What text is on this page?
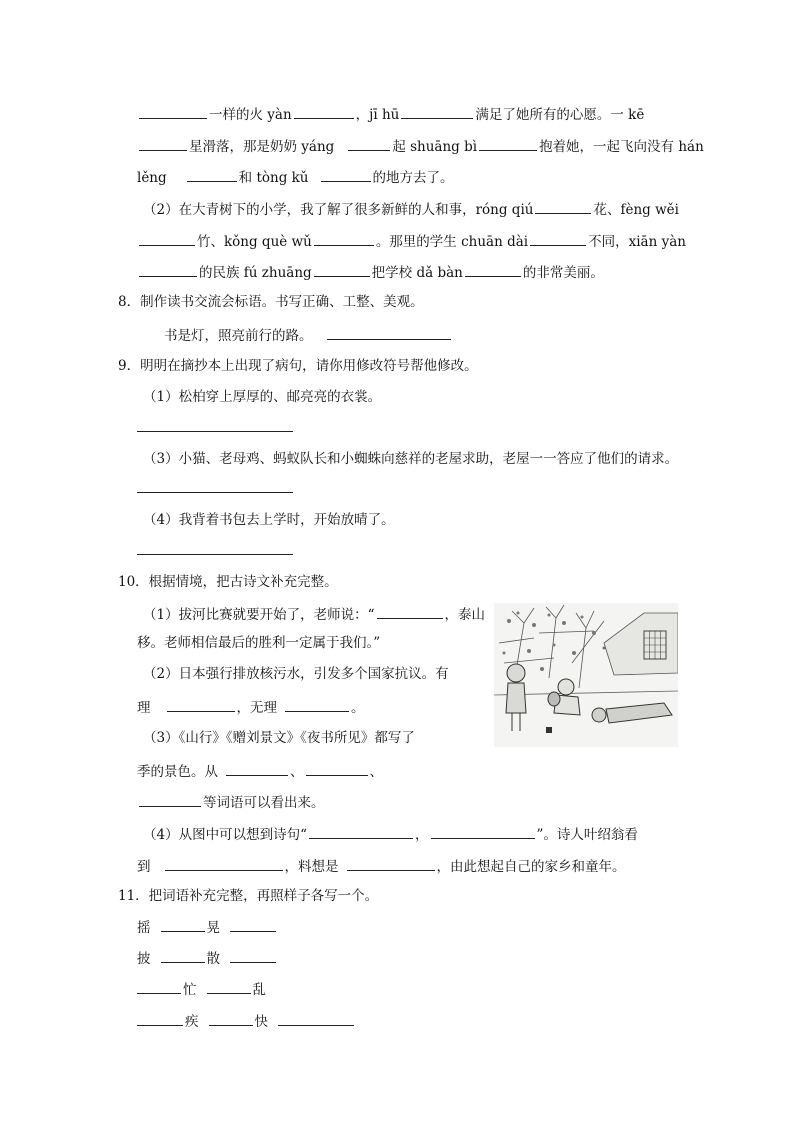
一样的火 yàn	，jī hū	满足了她所有的心愿。一 kē
星滑落，那是奶奶 yáng	起 shuāng bì	抱着她，一起飞向没有 hán
lěng	和 tòng kǔ	的地方去了。
（2）在大青树下的小学，我了解了很多新鲜的人和事，róng qiú	花、fèng wěi
竹、kǒng què wǔ	。那里的学生 chuān dài	不同，xiān yàn
的民族 fú zhuāng	把学校 dǎ bàn	的非常美丽。
8．制作读书交流会标语。书写正确、工整、美观。
书是灯，照亮前行的路。
9．明明在摘抄本上出现了病句，请你用修改符号帮他修改。
（1）松柏穿上厚厚的、邮亮亮的衣裳。
（3）小猫、老母鸡、蚂蚁队长和小蜘蛛向慈祥的老屋求助，老屋一一答应了他们的请求。
（4）我背着书包去上学时，开始放晴了。
10．根据情境，把古诗文补充完整。
（1）拔河比赛就要开始了，老师说：“	，泰山
移。老师相信最后的胜利一定属于我们。”
（2）日本强行排放核污水，引发多个国家抗议。有
理	，无理	。
（3）《山行》《赠刘景文》《夜书所见》都写了
季的景色。从	、	、
等词语可以看出来。
（4）从图中可以想到诗句“	，	”。诗人叶绍翁看
到	，料想是	，由此想起自己的家乡和童年。
11．把词语补充完整，再照样子各写一个。
摇	晃
披	散
忙	乱
疾	快
